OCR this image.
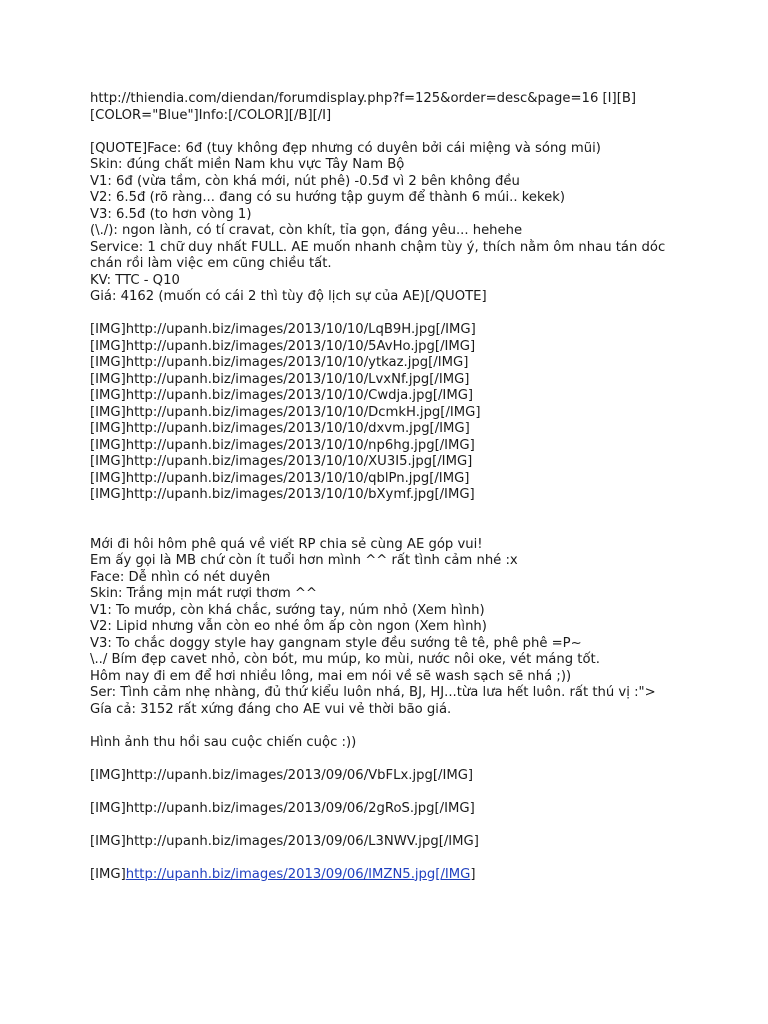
http://thiendia.com/diendan/forumdisplay.php?f=125&order=desc&page=16 [I][B]
[COLOR="Blue"]Info:[/COLOR][/B][/I]
[QUOTE]Face: 6đ (tuy không đẹp nhưng có duyên bởi cái miệng và sóng mũi)
Skin: đúng chất miền Nam khu vực Tây Nam Bộ
V1: 6đ (vừa tầm, còn khá mới, nút phê) -0.5đ vì 2 bên không đều
V2: 6.5đ (rõ ràng... đang có su hướng tập guym để thành 6 múi.. kekek)
V3: 6.5đ (to hơn vòng 1)
(\./): ngon lành, có tí cravat, còn khít, tỉa gọn, đáng yêu... hehehe
Service: 1 chữ duy nhất FULL. AE muốn nhanh chậm tùy ý, thích nằm ôm nhau tán dóc chán rồi làm việc em cũng chiều tất.
KV: TTC - Q10
Giá: 4162 (muốn có cái 2 thì tùy độ lịch sự của AE)[/QUOTE]
[IMG]http://upanh.biz/images/2013/10/10/LqB9H.jpg[/IMG]
[IMG]http://upanh.biz/images/2013/10/10/5AvHo.jpg[/IMG]
[IMG]http://upanh.biz/images/2013/10/10/ytkaz.jpg[/IMG]
[IMG]http://upanh.biz/images/2013/10/10/LvxNf.jpg[/IMG]
[IMG]http://upanh.biz/images/2013/10/10/Cwdja.jpg[/IMG]
[IMG]http://upanh.biz/images/2013/10/10/DcmkH.jpg[/IMG]
[IMG]http://upanh.biz/images/2013/10/10/dxvm.jpg[/IMG]
[IMG]http://upanh.biz/images/2013/10/10/np6hg.jpg[/IMG]
[IMG]http://upanh.biz/images/2013/10/10/XU3I5.jpg[/IMG]
[IMG]http://upanh.biz/images/2013/10/10/qblPn.jpg[/IMG]
[IMG]http://upanh.biz/images/2013/10/10/bXymf.jpg[/IMG]
Mới đi hôi hôm phê quá về viết RP chia sẻ cùng AE góp vui!
Em ấy gọi là MB chứ còn ít tuổi hơn mình ^^ rất tình cảm nhé :x
Face: Dễ nhìn có nét duyên
Skin: Trắng mịn mát rượi thơm ^^
V1: To mướp, còn khá chắc, sướng tay, núm nhỏ (Xem hình)
V2: Lipid nhưng vẫn còn eo nhé ôm ấp còn ngon (Xem hình)
V3: To chắc doggy style hay gangnam style đều sướng tê tê, phê phê =P~
\../ Bím đẹp cavet nhỏ, còn bót, mu múp, ko mùi, nước nôi oke, vét máng tốt.
Hôm nay đi em để hơi nhiều lông, mai em nói về sẽ wash sạch sẽ nhá ;))
Ser: Tình cảm nhẹ nhàng, đủ thứ kiểu luôn nhá, BJ, HJ...từa lưa hết luôn. rất thú vị :">
Gía cả: 3152 rất xứng đáng cho AE vui vẻ thời bão giá.
Hình ảnh thu hồi sau cuộc chiến cuộc :))
[IMG]http://upanh.biz/images/2013/09/06/VbFLx.jpg[/IMG]
[IMG]http://upanh.biz/images/2013/09/06/2gRoS.jpg[/IMG]
[IMG]http://upanh.biz/images/2013/09/06/L3NWV.jpg[/IMG]
[IMG]http://upanh.biz/images/2013/09/06/IMZN5.jpg[/IMG]
